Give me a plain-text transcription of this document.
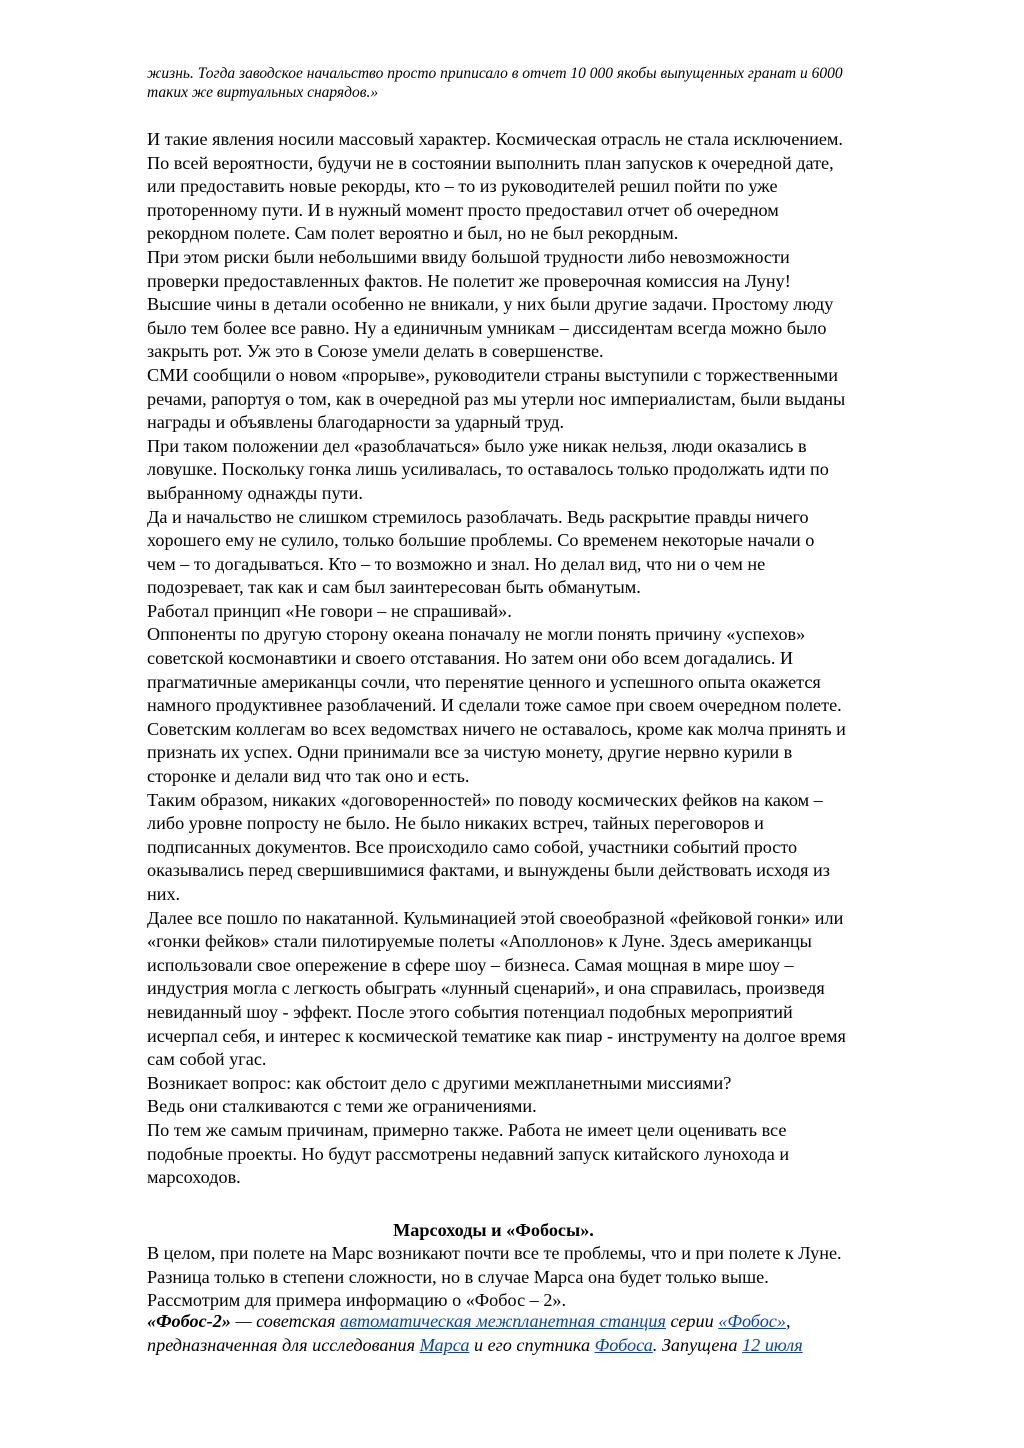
жизнь. Тогда заводское начальство просто приписало в отчет 10 000 якобы выпущенных гранат и 6000
таких же виртуальных снарядов.»

И такие явления носили массовый характер. Космическая отрасль не стала исключением.
По всей вероятности, будучи не в состоянии выполнить план запусков к очередной дате,
или предоставить новые рекорды, кто – то из руководителей решил пойти по уже
проторенному пути. И в нужный момент просто предоставил отчет об очередном
рекордном полете. Сам полет вероятно и был, но не был рекордным.

При этом риски были небольшими ввиду большой трудности либо невозможности
проверки предоставленных фактов. Не полетит же проверочная комиссия на Луну!
Высшие чины в детали особенно не вникали, у них были другие задачи. Простому люду
было тем более все равно. Ну а единичным умникам – диссидентам всегда можно было
закрыть рот. Уж это в Союзе умели делать в совершенстве.

СМИ сообщили о новом «прорыве», руководители страны выступили с торжественными
речами, рапортуя о том, как в очередной раз мы утерли нос империалистам, были выданы
награды и объявлены благодарности за ударный труд.

При таком положении дел «разоблачаться» было уже никак нельзя, люди оказались в
ловушке. Поскольку гонка лишь усиливалась, то оставалось только продолжать идти по
выбранному однажды пути.

Да и начальство не слишком стремилось разоблачать. Ведь раскрытие правды ничего
хорошего ему не сулило, только большие проблемы. Со временем некоторые начали о
чем – то догадываться. Кто – то возможно и знал. Но делал вид, что ни о чем не
подозревает, так как и сам был заинтересован быть обманутым.

Работал принцип «Не говори – не спрашивай».

Оппоненты по другую сторону океана поначалу не могли понять причину «успехов»
советской космонавтики и своего отставания. Но затем они обо всем догадались. И
прагматичные американцы сочли, что перенятие ценного и успешного опыта окажется
намного продуктивнее разоблачений. И сделали тоже самое при своем очередном полете.
Советским коллегам во всех ведомствах ничего не оставалось, кроме как молча принять и
признать их успех. Одни принимали все за чистую монету, другие нервно курили в
сторонке и делали вид что так оно и есть.

Таким образом, никаких «договоренностей» по поводу космических фейков на каком –
либо уровне попросту не было. Не было никаких встреч, тайных переговоров и
подписанных документов. Все происходило само собой, участники событий просто
оказывались перед свершившимися фактами, и вынуждены были действовать исходя из
них.

Далее все пошло по накатанной. Кульминацией этой своеобразной «фейковой гонки» или
«гонки фейков» стали пилотируемые полеты «Аполлонов» к Луне. Здесь американцы
использовали свое опережение в сфере шоу – бизнеса. Самая мощная в мире шоу –
индустрия могла с легкость обыграть «лунный сценарий», и она справилась, произведя
невиданный шоу - эффект. После этого события потенциал подобных мероприятий
исчерпал себя, и интерес к космической тематике как пиар - инструменту на долгое время
сам собой угас.

Возникает вопрос: как обстоит дело с другими межпланетными миссиями?

Ведь они сталкиваются с теми же ограничениями.

По тем же самым причинам, примерно также. Работа не имеет цели оценивать все
подобные проекты. Но будут рассмотрены недавний запуск китайского лунохода и
марсоходов.

Марсоходы и «Фобосы».
В целом, при полете на Марс возникают почти все те проблемы, что и при полете к Луне.
Разница только в степени сложности, но в случае Марса она будет только выше.
Рассмотрим для примера информацию о «Фобос – 2».
«Фобос-2» — советская автоматическая межпланетная станция серии «Фобос»,
предназначенная для исследования Марса и его спутника Фобоса. Запущена 12 июля
